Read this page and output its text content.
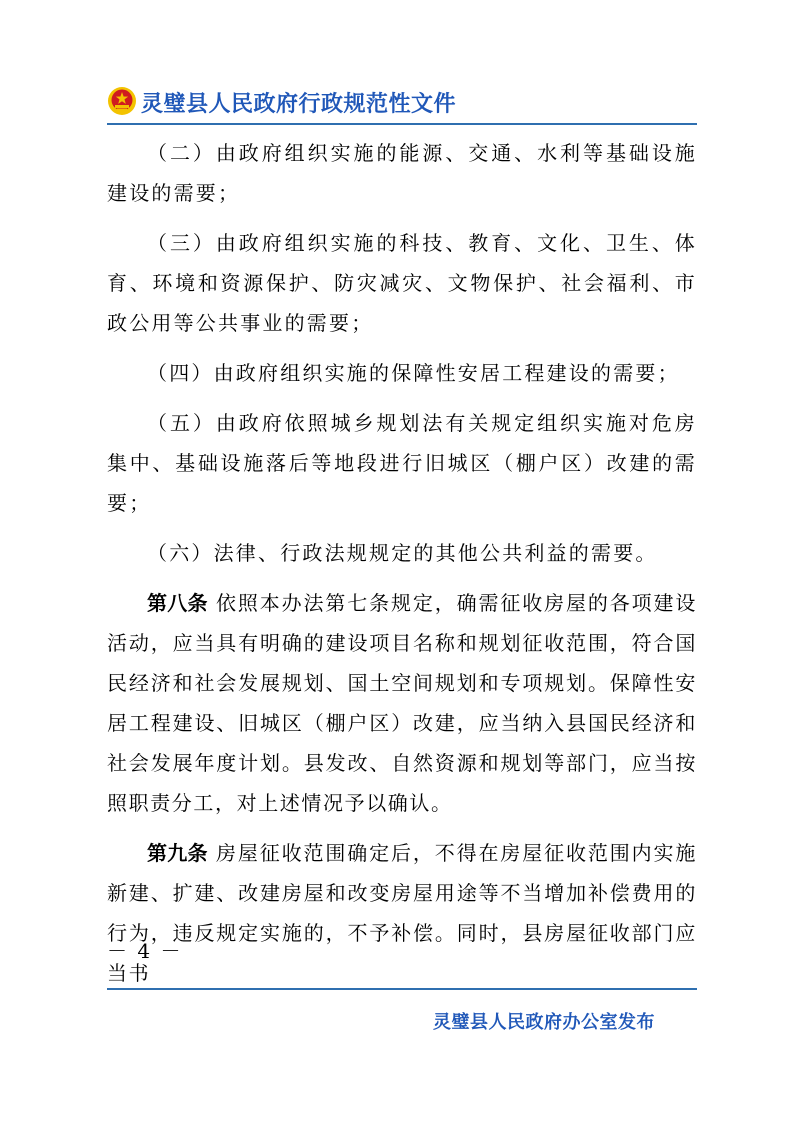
灵璧县人民政府行政规范性文件

（二）由政府组织实施的能源、交通、水利等基础设施建设的需要；

（三）由政府组织实施的科技、教育、文化、卫生、体育、环境和资源保护、防灾减灾、文物保护、社会福利、市政公用等公共事业的需要；

（四）由政府组织实施的保障性安居工程建设的需要；

（五）由政府依照城乡规划法有关规定组织实施对危房集中、基础设施落后等地段进行旧城区（棚户区）改建的需要；

（六）法律、行政法规规定的其他公共利益的需要。

第八条 依照本办法第七条规定，确需征收房屋的各项建设活动，应当具有明确的建设项目名称和规划征收范围，符合国民经济和社会发展规划、国土空间规划和专项规划。保障性安居工程建设、旧城区（棚户区）改建，应当纳入县国民经济和社会发展年度计划。县发改、自然资源和规划等部门，应当按照职责分工，对上述情况予以确认。

第九条 房屋征收范围确定后，不得在房屋征收范围内实施新建、扩建、改建房屋和改变房屋用途等不当增加补偿费用的行为，违反规定实施的，不予补偿。同时，县房屋征收部门应当书

－ 4 －
灵璧县人民政府办公室发布
